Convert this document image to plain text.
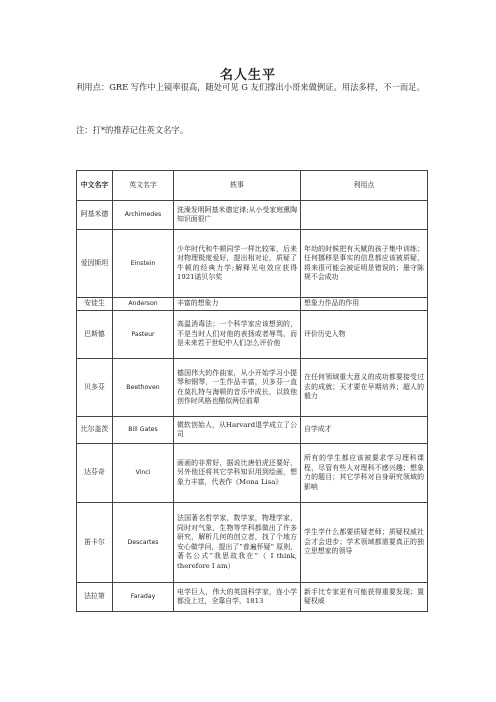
名人生平
利用点：GRE 写作中上镜率很高，随处可见 G 友们撑出小哥来做例证。用法多样，不一而足。
注：打*的推荐记住英文名字。
中文名字	英文名字	轶事	利用点
阿基米德	Archimedes	洗澡发明阿基米德定律;从小受家庭熏陶知识面很广	
爱因斯坦	Einstein	少年时代和牛顿同学一样比较笨，后来对物理极度爱好，提出相对论，质疑了牛顿的经典力学;解释光电效应获得1921诺贝尔奖	年幼的时候把有天赋的孩子集中训练；任何挪移是事实的信息都应该被质疑，将来很可能会被证明是错误的；墨守陈规不会成功
安徒生	Anderson	丰富的想象力	想象力作品的作用
巴斯德	Pasteur	高温消毒法；一个科学家应该想到的，不是当时人们对他的表扬或者辱骂，而是未来若干世纪中人们怎么评价他	评价历史人物
贝多芬	Beethoven	德国伟大的作曲家，从小开始学习小提琴和钢琴，一生作品丰富，贝多芬一直在莫扎特与海顿的音乐中成长，以致他创作时风格也酷似两位前辈	在任何领域重大意义的成功都要接受过去的成就；天才要在早期培养；超人的毅力
比尔盖茨	Bill Gates	微软创始人，从Harvard退学成立了公司	自学成才
达芬奇	Vinci	画画的非常好，据说比唐伯虎还要好，另外他还将其它学科知识用到绘画，想象力丰富，代表作《Mona Lisa》	所有的学生都应该被要求学习理科课程，尽管有些人对理科不感兴趣；想象力的题目；其它学科对自身研究领域的影响
笛卡尔	Descartes	法国著名哲学家，数学家，物理学家，同时对气象，生物等学科都做出了许多研究，解析几何的创立者，找了个地方安心做学问，提出了”普遍怀疑” 原则，著名公式“我思故我在”（ I think, therefore I am）	学生学什么都要质疑老师；质疑权威社会才会进步；学术领域都需要真正的独立思想家的领导
法拉第	Faraday	电学巨人，伟大的英国科学家，连小学都没上过，全靠自学，1813	新手比专家更有可能获得重要发现；置疑权威
